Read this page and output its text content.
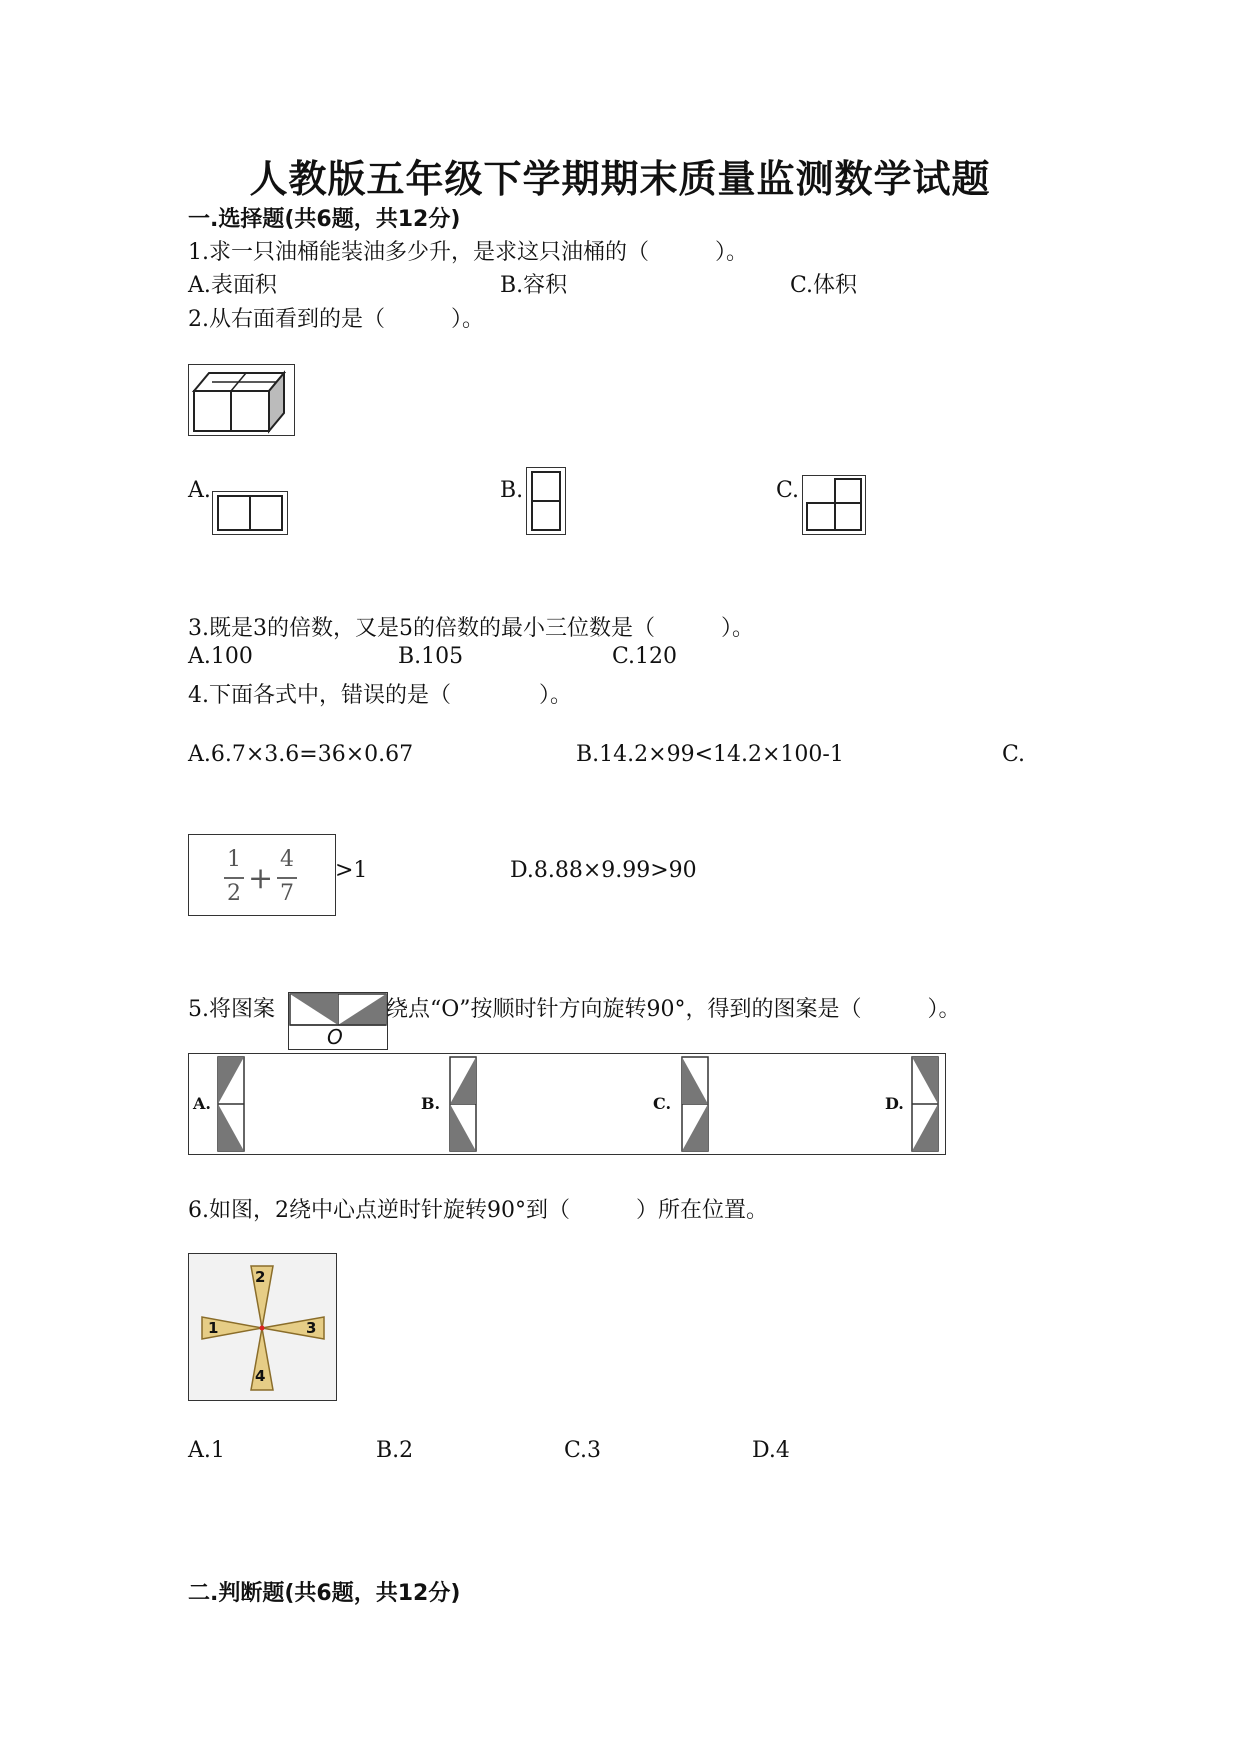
人教版五年级下学期期末质量监测数学试题
一.选择题(共6题，共12分)
1.求一只油桶能装油多少升，是求这只油桶的（　　　）。
A.表面积	B.容积	C.体积
2.从右面看到的是（　　　）。
A.	B.	C.
3.既是3的倍数，又是5的倍数的最小三位数是（　　　）。
A.100	B.105	C.120
4.下面各式中，错误的是（　　　　）。
A.6.7×3.6=36×0.67	B.14.2×99<14.2×100-1	C.
1
2 +
4
7
>1	D.8.88×9.99>90
5.将图案
O
绕点“O”按顺时针方向旋转90°，得到的图案是（　　　）。
A.	B.	C.	D.
6.如图，2绕中心点逆时针旋转90°到（　　　）所在位置。
2
1	3
4
A.1	B.2	C.3	D.4
二.判断题(共6题，共12分)
